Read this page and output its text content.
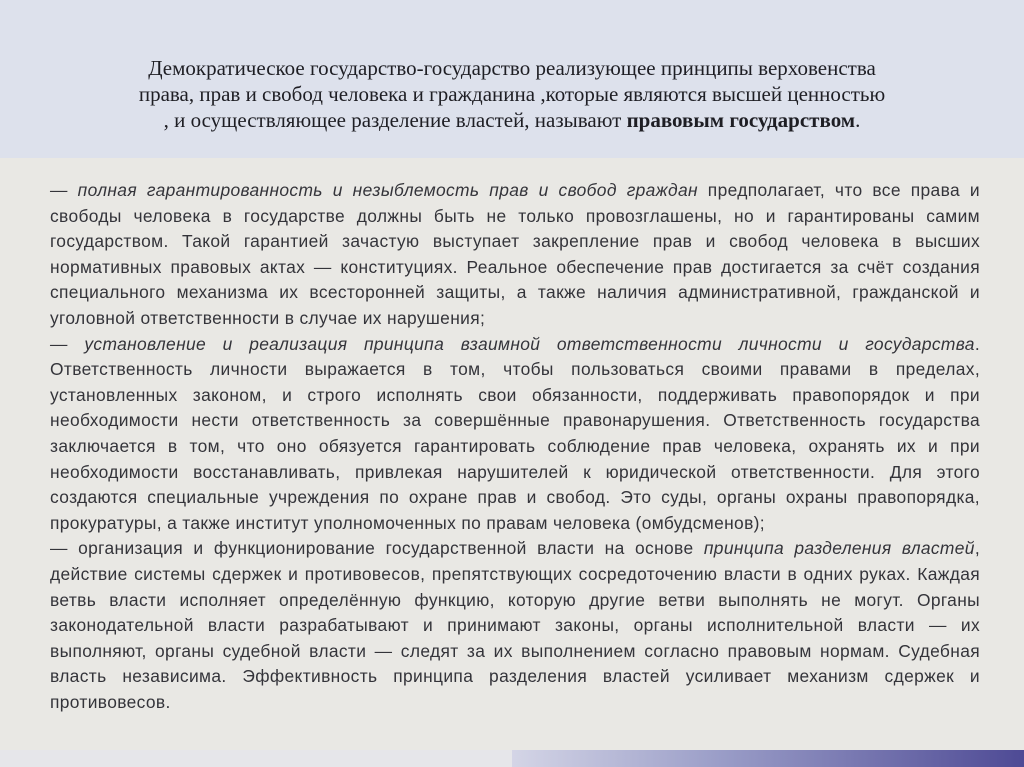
Демократическое государство-государство реализующее принципы верховенства
права, прав и свобод человека и гражданина ,которые являются высшей ценностью
, и осуществляющее разделение властей, называют правовым государством.

— полная гарантированность и незыблемость прав и свобод граждан предполагает, что все права и свободы человека в государстве должны быть не только провозглашены, но и гарантированы самим государством. Такой гарантией зачастую выступает закрепление прав и свобод человека в высших нормативных правовых актах — конституциях. Реальное обеспечение прав достигается за счёт создания специального механизма их всесторонней защиты, а также наличия административной, гражданской и уголовной ответственности в случае их нарушения;

— установление и реализация принципа взаимной ответственности личности и государства. Ответственность личности выражается в том, чтобы пользоваться своими правами в пределах, установленных законом, и строго исполнять свои обязанности, поддерживать правопорядок и при необходимости нести ответственность за совершённые правонарушения. Ответственность государства заключается в том, что оно обязуется гарантировать соблюдение прав человека, охранять их и при необходимости восстанавливать, привлекая нарушителей к юридической ответственности. Для этого создаются специальные учреждения по охране прав и свобод. Это суды, органы охраны правопорядка, прокуратуры, а также институт уполномоченных по правам человека (омбудсменов);

— организация и функционирование государственной власти на основе принципа разделения властей, действие системы сдержек и противовесов, препятствующих сосредоточению власти в одних руках. Каждая ветвь власти исполняет определённую функцию, которую другие ветви выполнять не могут. Органы законодательной власти разрабатывают и принимают законы, органы исполнительной власти — их выполняют, органы судебной власти — следят за их выполнением согласно правовым нормам. Судебная власть независима. Эффективность принципа разделения властей усиливает механизм сдержек и противовесов.
